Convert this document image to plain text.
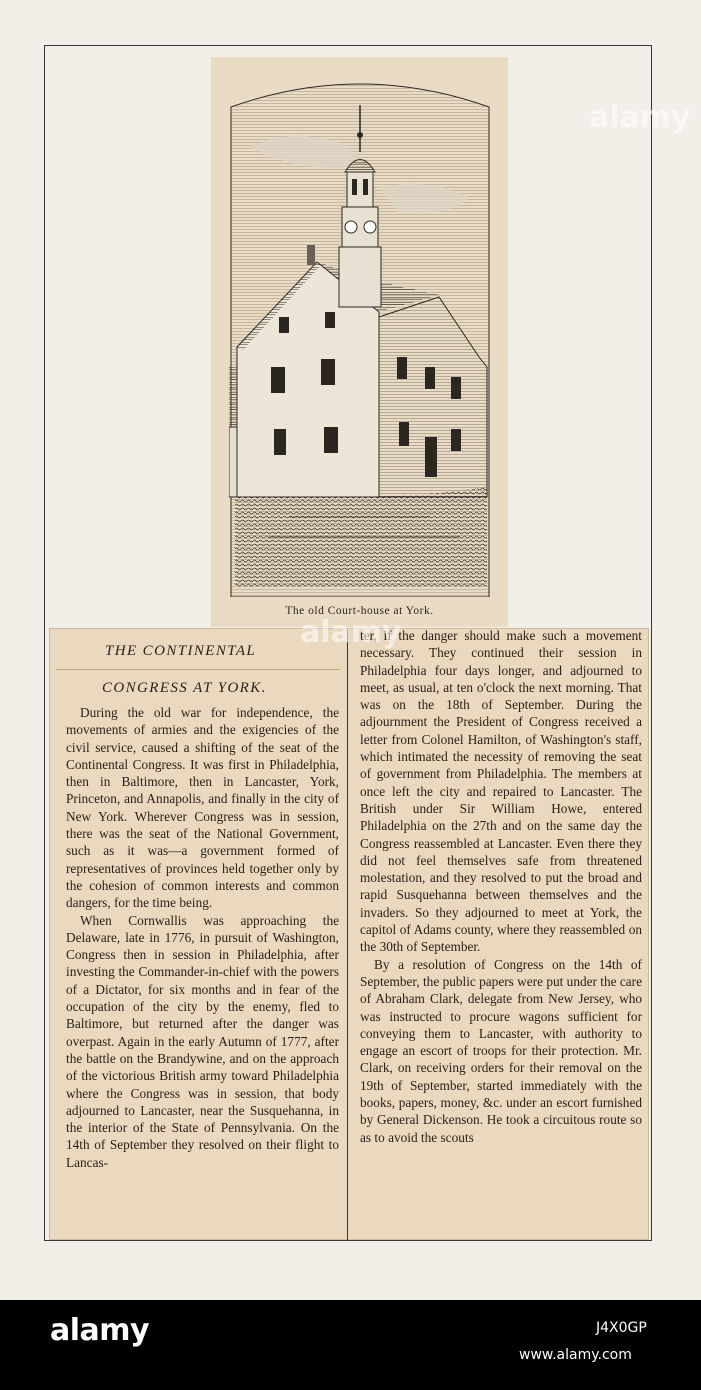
The old Court-house at York.
THE CONTINENTAL
CONGRESS AT YORK.

During the old war for independence, the movements of armies and the exigencies of the civil service, caused a shifting of the seat of the Continental Congress. It was first in Philadelphia, then in Baltimore, then in Lancaster, York, Princeton, and Annapolis, and finally in the city of New York. Wherever Congress was in session, there was the seat of the National Government, such as it was—a government formed of representatives of provinces held together only by the cohesion of common interests and common dangers, for the time being.

When Cornwallis was approaching the Delaware, late in 1776, in pursuit of Washington, Congress then in session in Philadelphia, after investing the Commander-in-chief with the powers of a Dictator, for six months and in fear of the occupation of the city by the enemy, fled to Baltimore, but returned after the danger was overpast. Again in the early Autumn of 1777, after the battle on the Brandywine, and on the approach of the victorious British army toward Philadelphia where the Congress was in session, that body adjourned to Lancaster, near the Susquehanna, in the interior of the State of Pennsylvania. On the 14th of September they resolved on their flight to Lancas-

ter, if the danger should make such a movement necessary. They continued their session in Philadelphia four days longer, and adjourned to meet, as usual, at ten o'clock the next morning. That was on the 18th of September. During the adjournment the President of Congress received a letter from Colonel Hamilton, of Washington's staff, which intimated the necessity of removing the seat of government from Philadelphia. The members at once left the city and repaired to Lancaster. The British under Sir William Howe, entered Philadelphia on the 27th and on the same day the Congress reassembled at Lancaster. Even there they did not feel themselves safe from threatened molestation, and they resolved to put the broad and rapid Susquehanna between themselves and the invaders. So they adjourned to meet at York, the capitol of Adams county, where they reassembled on the 30th of September.

By a resolution of Congress on the 14th of September, the public papers were put under the care of Abraham Clark, delegate from New Jersey, who was instructed to procure wagons sufficient for conveying them to Lancaster, with authority to engage an escort of troops for their protection. Mr. Clark, on receiving orders for their removal on the 19th of September, started immediately with the books, papers, money, &c. under an escort furnished by General Dickenson. He took a circuitous route so as to avoid the scouts

alamy
alamy
alamy	J4X0GP
www.alamy.com
